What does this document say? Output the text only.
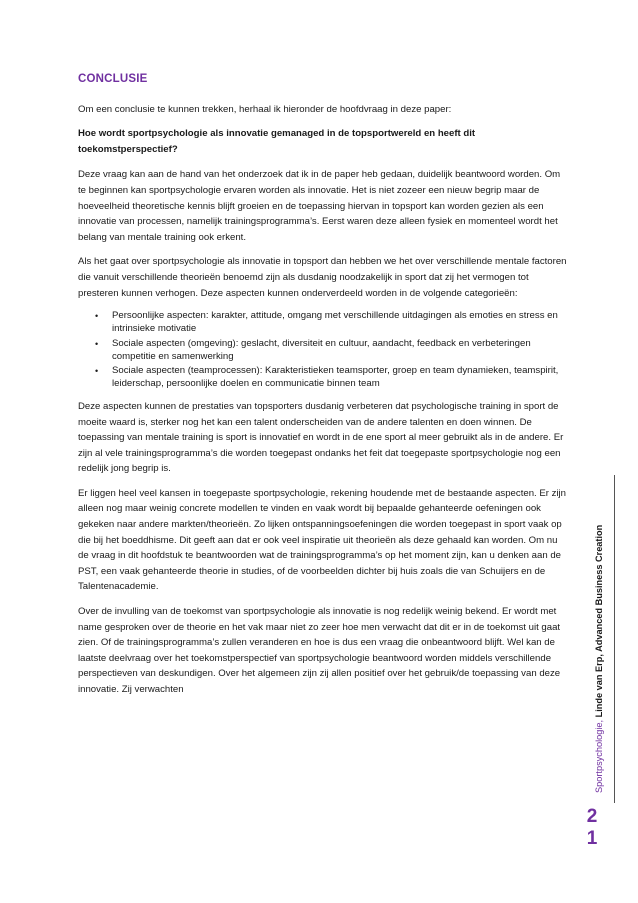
CONCLUSIE

Om een conclusie te kunnen trekken, herhaal ik hieronder de hoofdvraag in deze paper:

Hoe wordt sportpsychologie als innovatie gemanaged in de topsportwereld en heeft dit toekomstperspectief?

Deze vraag kan aan de hand van het onderzoek dat ik in de paper heb gedaan, duidelijk beantwoord worden. Om te beginnen kan sportpsychologie ervaren worden als innovatie. Het is niet zozeer een nieuw begrip maar de hoeveelheid theoretische kennis blijft groeien en de toepassing hiervan in topsport kan worden gezien als een innovatie van processen, namelijk trainingsprogramma’s. Eerst waren deze alleen fysiek en momenteel wordt het belang van mentale training ook erkent.

Als het gaat over sportpsychologie als innovatie in topsport dan hebben we het over verschillende mentale factoren die vanuit verschillende theorieën benoemd zijn als dusdanig noodzakelijk in sport dat zij het vermogen tot presteren kunnen verhogen. Deze aspecten kunnen onderverdeeld worden in de volgende categorieën:

• Persoonlijke aspecten: karakter, attitude, omgang met verschillende uitdagingen als emoties en stress en intrinsieke motivatie
• Sociale aspecten (omgeving): geslacht, diversiteit en cultuur, aandacht, feedback en verbeteringen competitie en samenwerking
• Sociale aspecten (teamprocessen): Karakteristieken teamsporter, groep en team dynamieken, teamspirit, leiderschap, persoonlijke doelen en communicatie binnen team

Deze aspecten kunnen de prestaties van topsporters dusdanig verbeteren dat psychologische training in sport de moeite waard is, sterker nog het kan een talent onderscheiden van de andere talenten en doen winnen. De toepassing van mentale training is sport is innovatief en wordt in de ene sport al meer gebruikt als in de andere. Er zijn al vele trainingsprogramma’s die worden toegepast ondanks het feit dat toegepaste sportpsychologie nog een redelijk jong begrip is.

Er liggen heel veel kansen in toegepaste sportpsychologie, rekening houdende met de bestaande aspecten. Er zijn alleen nog maar weinig concrete modellen te vinden en vaak wordt bij bepaalde gehanteerde oefeningen ook gekeken naar andere markten/theorieën. Zo lijken ontspanningsoefeningen die worden toegepast in sport vaak op die bij het boeddhisme. Dit geeft aan dat er ook veel inspiratie uit theorieën als deze gehaald kan worden. Om nu de vraag in dit hoofdstuk te beantwoorden wat de trainingsprogramma’s op het moment zijn, kan u denken aan de PST, een vaak gehanteerde theorie in studies, of de voorbeelden dichter bij huis zoals die van Schuijers en de Talentenacademie.

Over de invulling van de toekomst van sportpsychologie als innovatie is nog redelijk weinig bekend. Er wordt met name gesproken over de theorie en het vak maar niet zo zeer hoe men verwacht dat dit er in de toekomst uit gaat zien. Of de trainingsprogramma’s zullen veranderen en hoe is dus een vraag die onbeantwoord blijft. Wel kan de laatste deelvraag over het toekomstperspectief van sportpsychologie beantwoord worden middels verschillende perspectieven van deskundigen. Over het algemeen zijn zij allen positief over het gebruik/de toepassing van deze innovatie. Zij verwachten

Sportpsychologie, Linde van Erp, Advanced Business Creation
2
1
